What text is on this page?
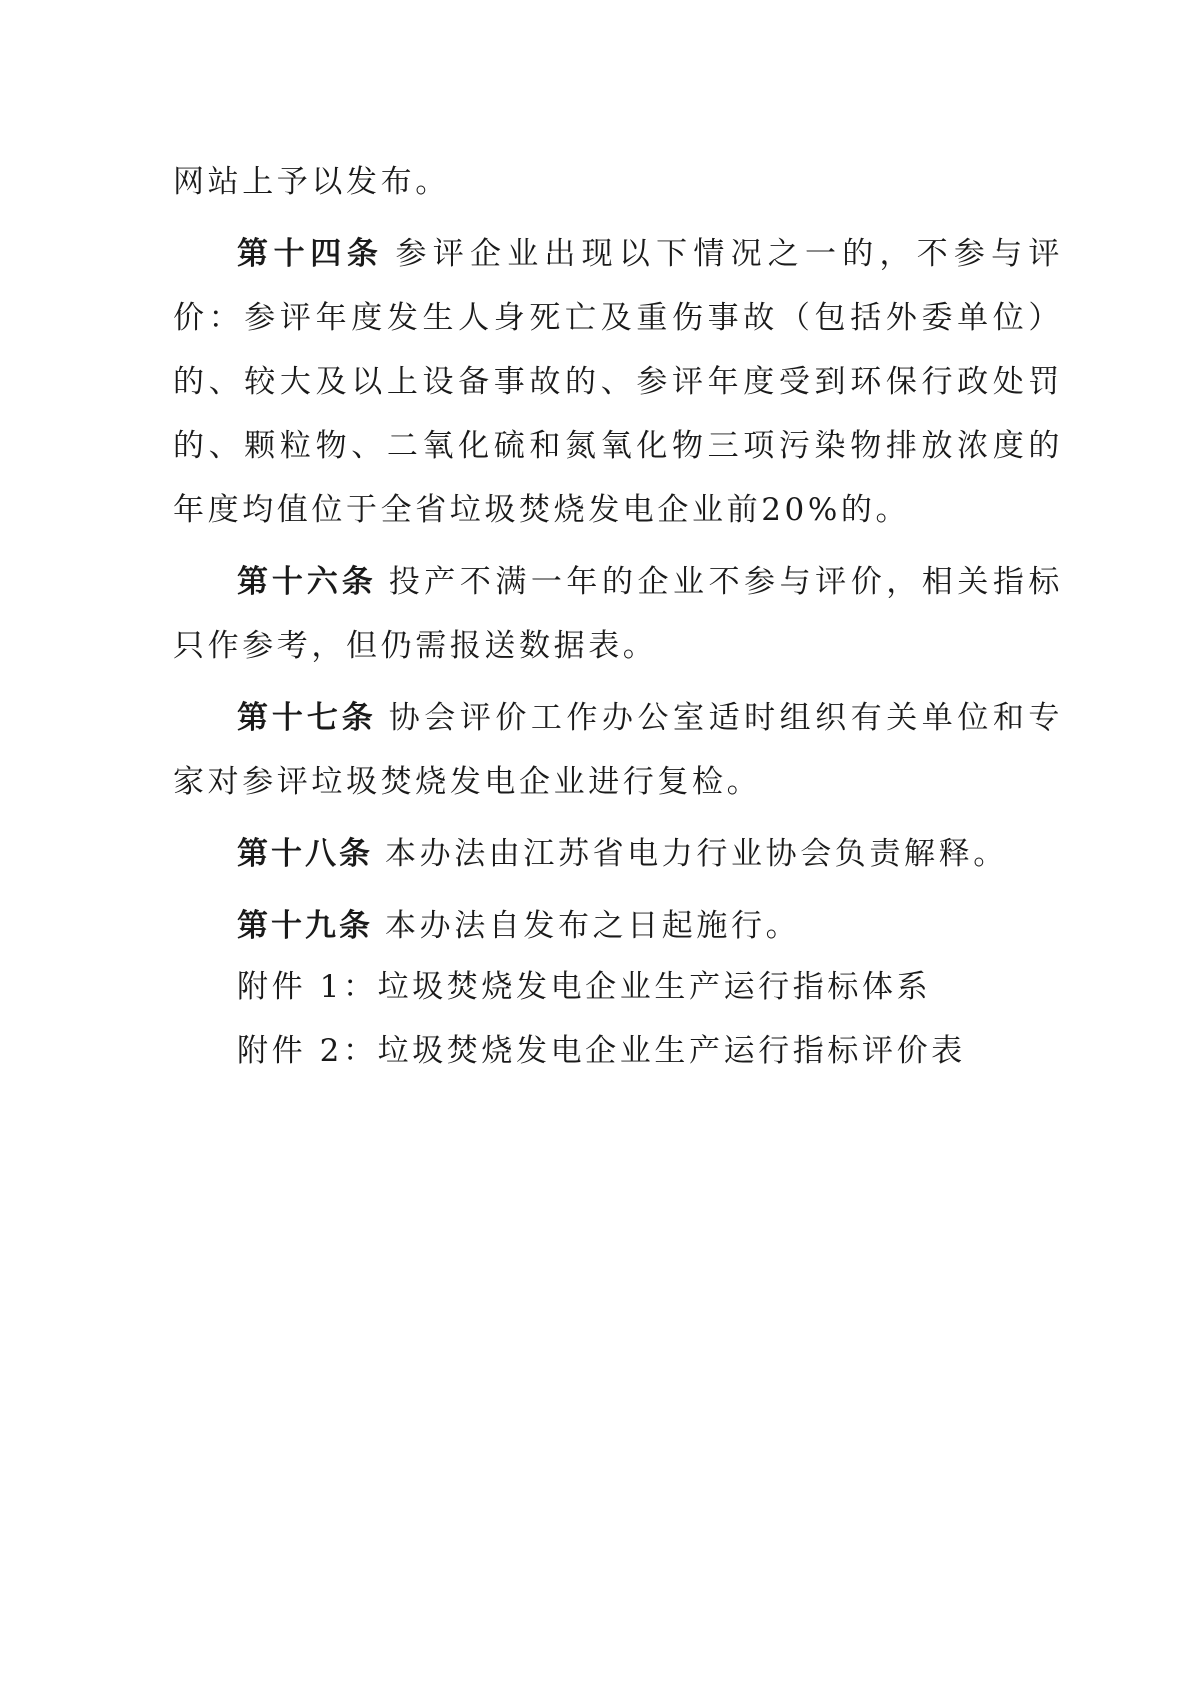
网站上予以发布。

第十四条 参评企业出现以下情况之一的，不参与评价：参评年度发生人身死亡及重伤事故（包括外委单位）的、较大及以上设备事故的、参评年度受到环保行政处罚的、颗粒物、二氧化硫和氮氧化物三项污染物排放浓度的年度均值位于全省垃圾焚烧发电企业前20%的。

第十六条 投产不满一年的企业不参与评价，相关指标只作参考，但仍需报送数据表。

第十七条 协会评价工作办公室适时组织有关单位和专家对参评垃圾焚烧发电企业进行复检。

第十八条 本办法由江苏省电力行业协会负责解释。

第十九条 本办法自发布之日起施行。

附件 1：垃圾焚烧发电企业生产运行指标体系
附件 2：垃圾焚烧发电企业生产运行指标评价表
